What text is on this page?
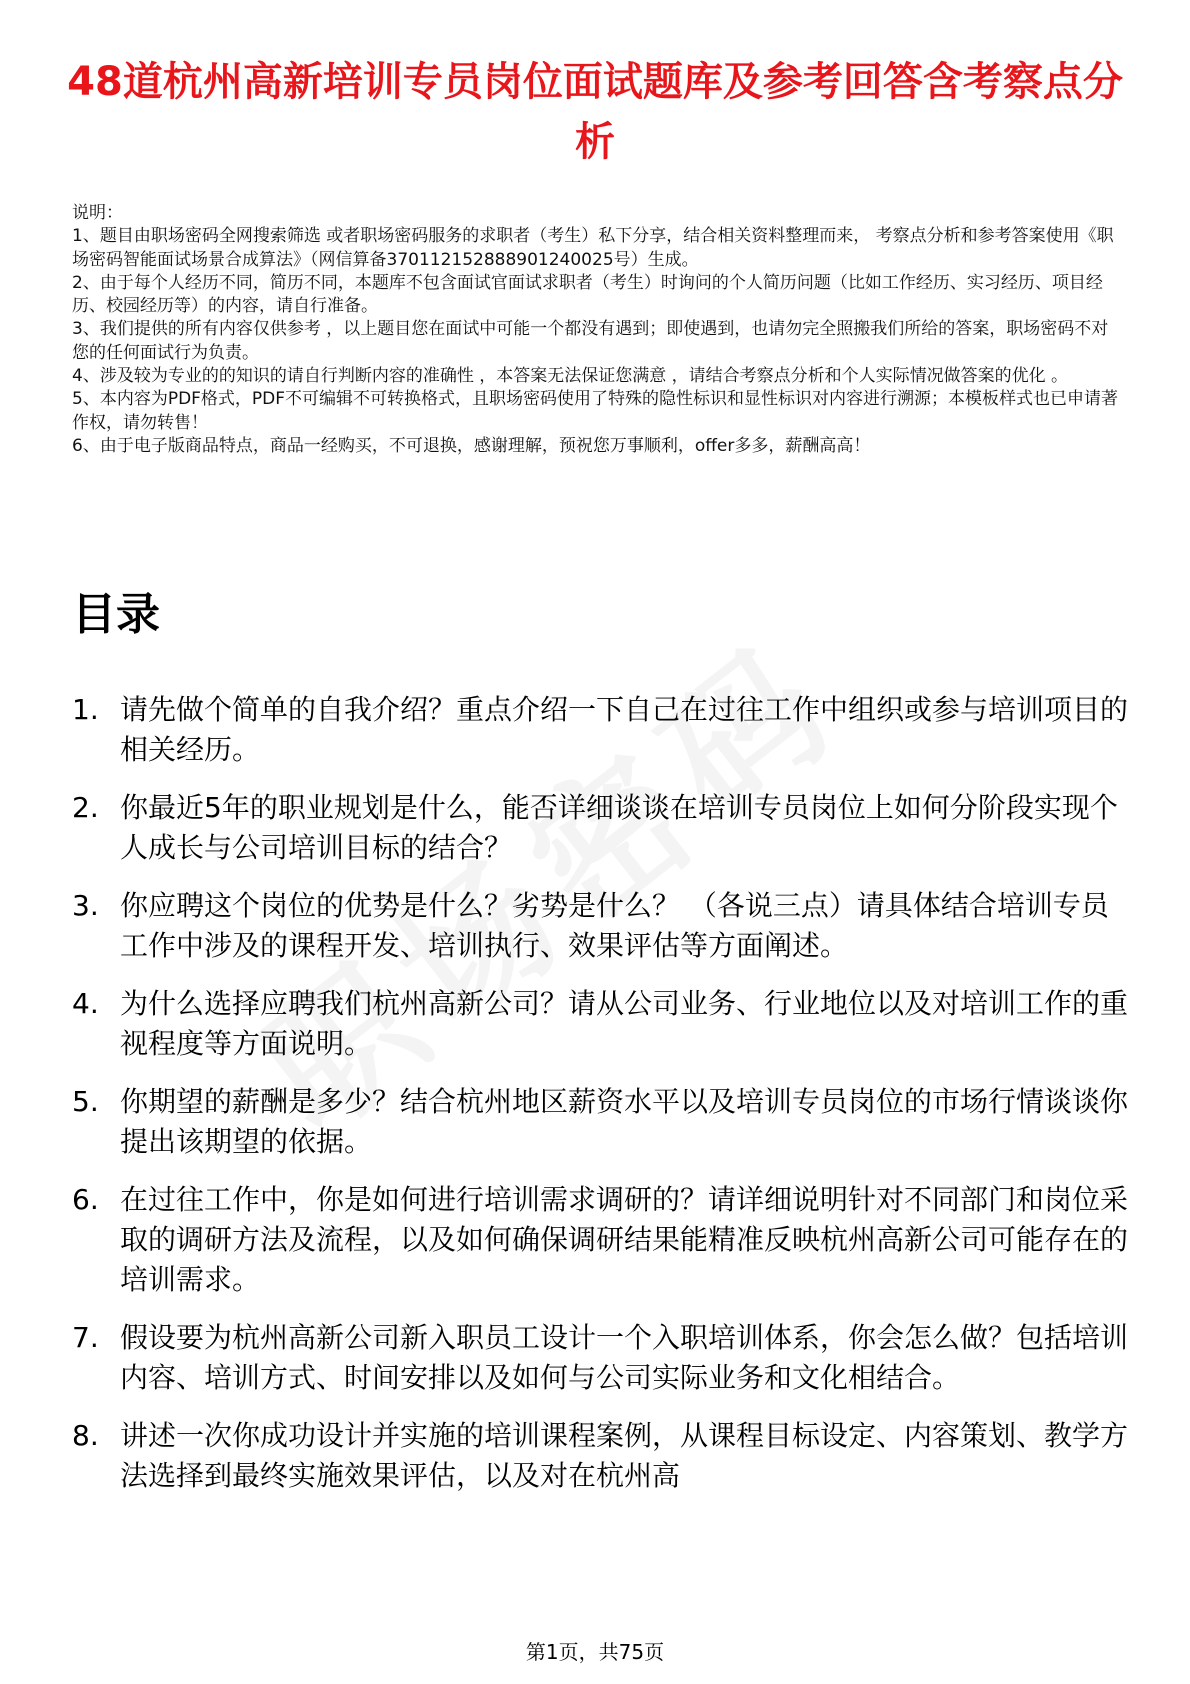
48道杭州高新培训专员岗位面试题库及参考回答含考察点分析

说明：

1、题目由职场密码全网搜索筛选 或者职场密码服务的求职者（考生）私下分享，结合相关资料整理而来， 考察点分析和参考答案使用《职场密码智能面试场景合成算法》（网信算备370112152888901240025号）生成。

2、由于每个人经历不同，简历不同，本题库不包含面试官面试求职者（考生）时询问的个人简历问题（比如工作经历、实习经历、项目经历、校园经历等）的内容，请自行准备。

3、我们提供的所有内容仅供参考 ，以上题目您在面试中可能一个都没有遇到；即使遇到，也请勿完全照搬我们所给的答案，职场密码不对您的任何面试行为负责。

4、涉及较为专业的的知识的请自行判断内容的准确性 ，本答案无法保证您满意 ，请结合考察点分析和个人实际情况做答案的优化 。

5、本内容为PDF格式，PDF不可编辑不可转换格式，且职场密码使用了特殊的隐性标识和显性标识对内容进行溯源；本模板样式也已申请著作权，请勿转售！

6、由于电子版商品特点，商品一经购买，不可退换，感谢理解，预祝您万事顺利，offer多多，薪酬高高！

目录
1. 请先做个简单的自我介绍？重点介绍一下自己在过往工作中组织或参与培训项目的相关经历。
2. 你最近5年的职业规划是什么，能否详细谈谈在培训专员岗位上如何分阶段实现个人成长与公司培训目标的结合？
3. 你应聘这个岗位的优势是什么？劣势是什么？ （各说三点）请具体结合培训专员工作中涉及的课程开发、培训执行、效果评估等方面阐述。
4. 为什么选择应聘我们杭州高新公司？请从公司业务、行业地位以及对培训工作的重视程度等方面说明。
5. 你期望的薪酬是多少？结合杭州地区薪资水平以及培训专员岗位的市场行情谈谈你提出该期望的依据。
6. 在过往工作中，你是如何进行培训需求调研的？请详细说明针对不同部门和岗位采取的调研方法及流程，以及如何确保调研结果能精准反映杭州高新公司可能存在的培训需求。
7. 假设要为杭州高新公司新入职员工设计一个入职培训体系，你会怎么做？包括培训内容、培训方式、时间安排以及如何与公司实际业务和文化相结合。
8. 讲述一次你成功设计并实施的培训课程案例，从课程目标设定、内容策划、教学方法选择到最终实施效果评估，以及对在杭州高
第1页，共75页
